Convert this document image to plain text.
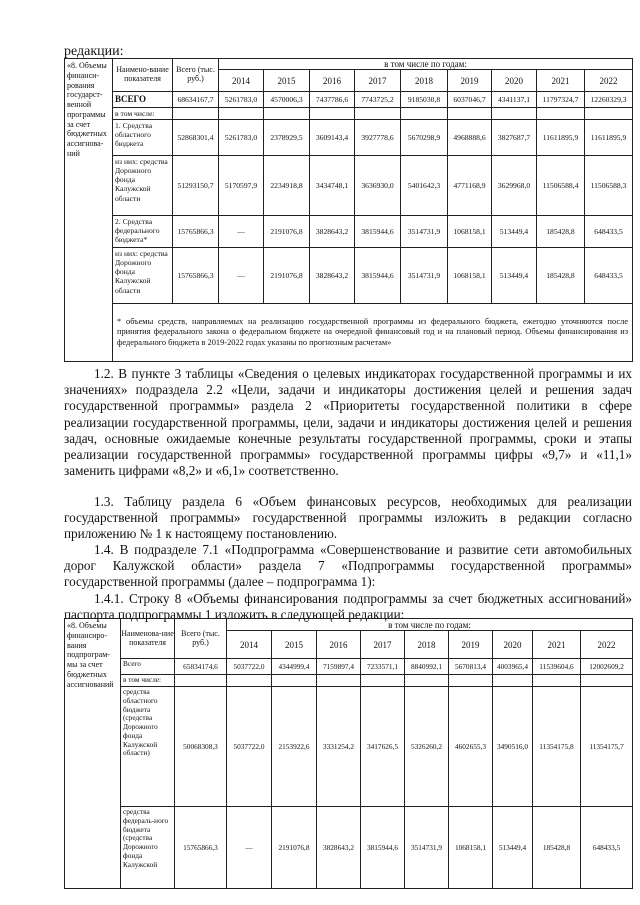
редакции:
«8. Объемы финанси-рования государст-венной программы за счет бюджетных ассигнова-ний	Наимено-вание показателя	Всего (тыс. руб.)	в том числе по годам:								
			2014	2015	2016	2017	2018	2019	2020	2021	2022
	ВСЕГО	68634167,7	5261783,0	4570006,3	7437786,6	7743725,2	9185030,8	6037046,7	4341137,1	11797324,7	12260329,3
	в том числе:										
	1. Средства областного бюджета	52868301,4	5261783,0	2378929,5	3609143,4	3927778,6	5670298,9	4968888,6	3827687,7	11611895,9	11611895,9
	из них: средства Дорожного фонда Калужской области	51293150,7	5170597,9	2234918,8	3434748,1	3636930,0	5401642,3	4771168,9	3629968,0	11506588,4	11506588,3
	2. Средства федерального бюджета*	15765866,3	—	2191076,8	3828643,2	3815944,6	3514731,9	1068158,1	513449,4	185428,8	648433,5
	из них: средства Дорожного фонда Калужской области	15765866,3	—	2191076,8	3828643,2	3815944,6	3514731,9	1068158,1	513449,4	185428,8	648433,5
	* объемы средств, направляемых на реализацию государственной программы из федерального бюджета, ежегодно уточняются после принятия федерального закона о федеральном бюджете на очередной финансовый год и на плановый период. Объемы финансирования из федерального бюджета в 2019-2022 годах указаны по прогнозным расчетам»										
1.2. В пункте 3 таблицы «Сведения о целевых индикаторах государственной программы и их значениях» подраздела 2.2 «Цели, задачи и индикаторы достижения целей и решения задач государственной программы» раздела 2 «Приоритеты государственной политики в сфере реализации государственной программы, цели, задачи и индикаторы достижения целей и решения задач, основные ожидаемые конечные результаты государственной программы, сроки и этапы реализации государственной программы» государственной программы цифры «9,7» и «11,1» заменить цифрами «8,2» и «6,1» соответственно.
1.3. Таблицу раздела 6 «Объем финансовых ресурсов, необходимых для реализации государственной программы» государственной программы изложить в редакции согласно приложению № 1 к настоящему постановлению.
1.4. В подразделе 7.1 «Подпрограмма «Совершенствование и развитие сети автомобильных дорог Калужской области» раздела 7 «Подпрограммы государственной программы» государственной программы (далее – подпрограмма 1):
1.4.1. Строку 8 «Объемы финансирования подпрограммы за счет бюджетных ассигнований» паспорта подпрограммы 1 изложить в следующей редакции:
«8. Объемы финансиро-вания подпрограм-мы за счет бюджетных ассигнований	Наименова-ние показателя	Всего (тыс. руб.)	в том числе по годам:								
			2014	2015	2016	2017	2018	2019	2020	2021	2022
	Всего	65834174,6	5037722,0	4344999,4	7159897,4	7233571,1	8840992,1	5670813,4	4003965,4	11539604,6	12002609,2
	в том числе:										
	средства областного бюджета (средства Дорожного фонда Калужской области)	50068308,3	5037722,0	2153922,6	3331254,2	3417626,5	5326260,2	4602655,3	3490516,0	11354175,8	11354175,7
	средства федераль-ного бюджета (средства Дорожного фонда Калужской	15765866,3	—	2191076,8	3828643,2	3815944,6	3514731,9	1068158,1	513449,4	185428,8	648433,5
